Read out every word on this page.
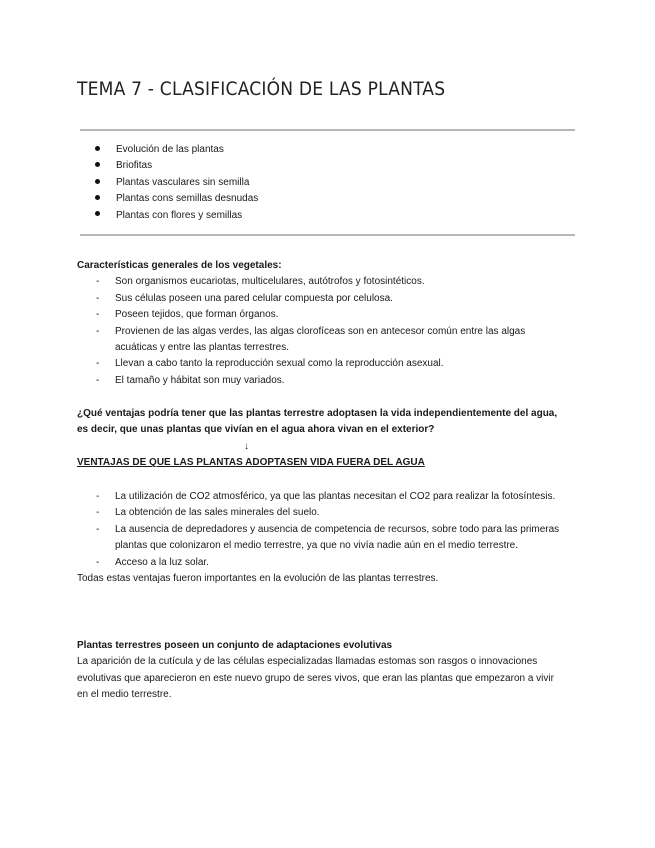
TEMA 7 - CLASIFICACIÓN DE LAS PLANTAS
Evolución de las plantas
Briofitas
Plantas vasculares sin semilla
Plantas cons semillas desnudas
Plantas con flores y semillas
Características generales de los vegetales:
- Son organismos eucariotas, multicelulares, autótrofos y fotosintéticos.
- Sus células poseen una pared celular compuesta por celulosa.
- Poseen tejidos, que forman órganos.
- Provienen de las algas verdes, las algas clorofíceas son en antecesor común entre las algas acuáticas y entre las plantas terrestres.
- Llevan a cabo tanto la reproducción sexual como la reproducción asexual.
- El tamaño y hábitat son muy variados.
¿Qué ventajas podría tener que las plantas terrestre adoptasen la vida independientemente del agua, es decir, que unas plantas que vivían en el agua ahora vivan en el exterior?
↓
VENTAJAS DE QUE LAS PLANTAS ADOPTASEN VIDA FUERA DEL AGUA
- La utilización de CO2 atmosférico, ya que las plantas necesitan el CO2 para realizar la fotosíntesis.
- La obtención de las sales minerales del suelo.
- La ausencia de depredadores y ausencia de competencia de recursos, sobre todo para las primeras plantas que colonizaron el medio terrestre, ya que no vivía nadie aún en el medio terrestre.
- Acceso a la luz solar.
Todas estas ventajas fueron importantes en la evolución de las plantas terrestres.
Plantas terrestres poseen un conjunto de adaptaciones evolutivas
La aparición de la cutícula y de las células especializadas llamadas estomas son rasgos o innovaciones evolutivas que aparecieron en este nuevo grupo de seres vivos, que eran las plantas que empezaron a vivir en el medio terrestre.
